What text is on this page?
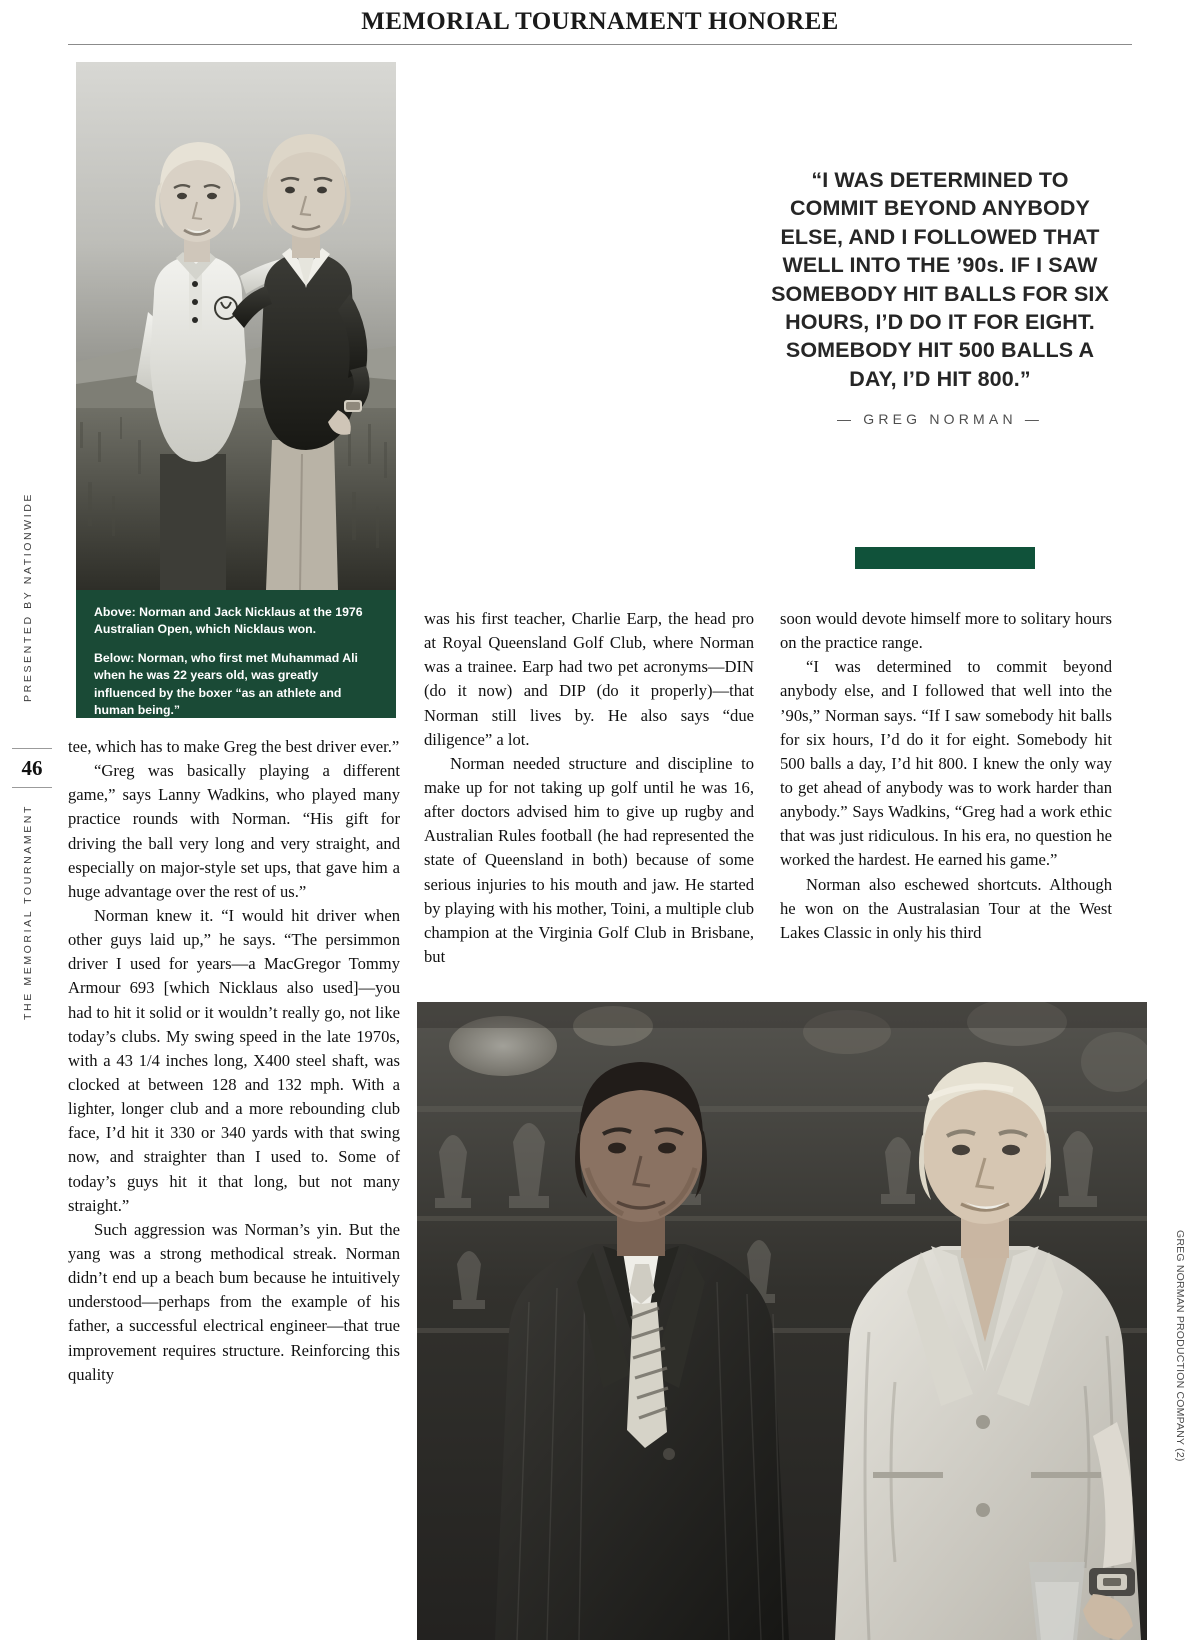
MEMORIAL TOURNAMENT HONOREE
PRESENTED BY NATIONWIDE
46
THE MEMORIAL TOURNAMENT
GREG NORMAN PRODUCTION COMPANY (2)

Above: Norman and Jack Nicklaus at the 1976 Australian Open, which Nicklaus won.

Below: Norman, who first met Muhammad Ali when he was 22 years old, was greatly influenced by the boxer “as an athlete and human being.”

“I WAS DETERMINED TO COMMIT BEYOND ANYBODY ELSE, AND I FOLLOWED THAT WELL INTO THE ’90s. IF I SAW SOMEBODY HIT BALLS FOR SIX HOURS, I’D DO IT FOR EIGHT. SOMEBODY HIT 500 BALLS A DAY, I’D HIT 800.”

— GREG NORMAN —

tee, which has to make Greg the best driver ever.”

“Greg was basically playing a different game,” says Lanny Wadkins, who played many practice rounds with Norman. “His gift for driving the ball very long and very straight, and especially on major-style set ups, that gave him a huge advantage over the rest of us.”

Norman knew it. “I would hit driver when other guys laid up,” he says. “The persimmon driver I used for years—a MacGregor Tommy Armour 693 [which Nicklaus also used]—you had to hit it solid or it wouldn’t really go, not like today’s clubs. My swing speed in the late 1970s, with a 43 1/4 inches long, X400 steel shaft, was clocked at between 128 and 132 mph. With a lighter, longer club and a more rebounding club face, I’d hit it 330 or 340 yards with that swing now, and straighter than I used to. Some of today’s guys hit it that long, but not many straight.”

Such aggression was Norman’s yin. But the yang was a strong methodical streak. Norman didn’t end up a beach bum because he intuitively understood—perhaps from the example of his father, a successful electrical engineer—that true improvement requires structure. Reinforcing this quality

was his first teacher, Charlie Earp, the head pro at Royal Queensland Golf Club, where Norman was a trainee. Earp had two pet acronyms—DIN (do it now) and DIP (do it properly)—that Norman still lives by. He also says “due diligence” a lot.

Norman needed structure and discipline to make up for not taking up golf until he was 16, after doctors advised him to give up rugby and Australian Rules football (he had represented the state of Queensland in both) because of some serious injuries to his mouth and jaw. He started by playing with his mother, Toini, a multiple club champion at the Virginia Golf Club in Brisbane, but

soon would devote himself more to solitary hours on the practice range.

“I was determined to commit beyond anybody else, and I followed that well into the ’90s,” Norman says. “If I saw somebody hit balls for six hours, I’d do it for eight. Somebody hit 500 balls a day, I’d hit 800. I knew the only way to get ahead of anybody was to work harder than anybody.” Says Wadkins, “Greg had a work ethic that was just ridiculous. In his era, no question he worked the hardest. He earned his game.”

Norman also eschewed shortcuts. Although he won on the Australasian Tour at the West Lakes Classic in only his third
